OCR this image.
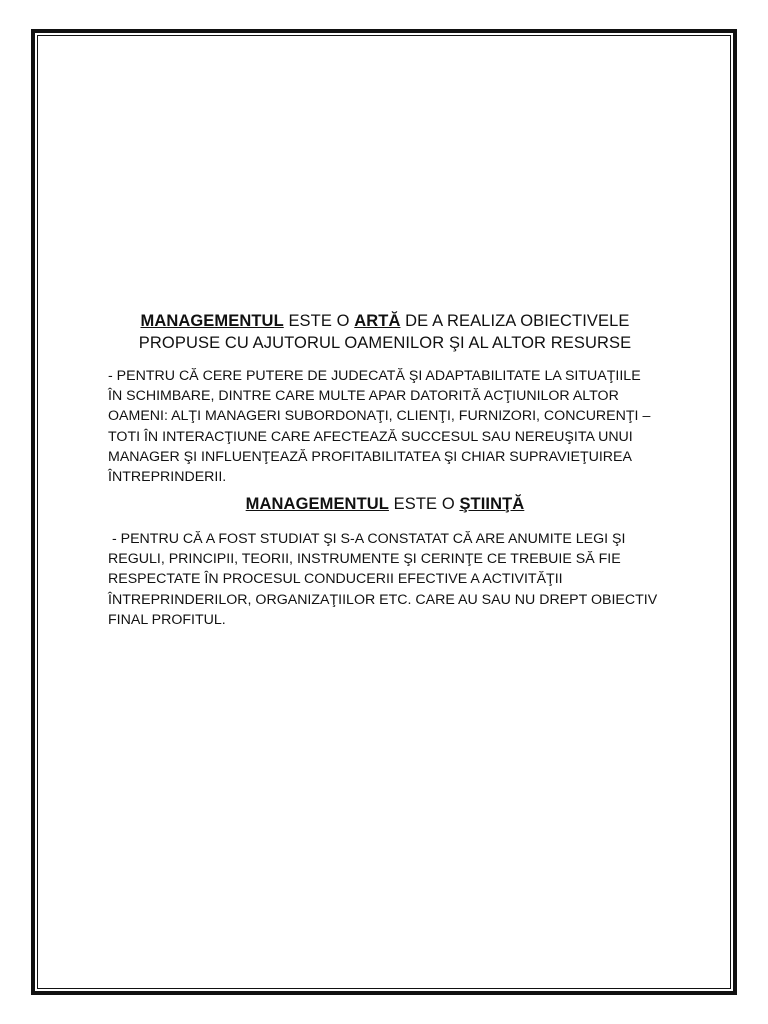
MANAGEMENTUL ESTE O ARTĂ DE A REALIZA OBIECTIVELE
PROPUSE CU AJUTORUL OAMENILOR ŞI AL ALTOR RESURSE

- PENTRU CĂ CERE PUTERE DE JUDECATĂ ŞI ADAPTABILITATE LA SITUAŢIILE
ÎN SCHIMBARE, DINTRE CARE MULTE APAR DATORITĂ ACŢIUNILOR ALTOR
OAMENI: ALŢI MANAGERI SUBORDONAŢI, CLIENŢI, FURNIZORI, CONCURENŢI –
TOTI ÎN INTERACŢIUNE CARE AFECTEAZĂ SUCCESUL SAU NEREUŞITA UNUI
MANAGER ŞI INFLUENŢEAZĂ PROFITABILITATEA ŞI CHIAR SUPRAVIEŢUIREA
ÎNTREPRINDERII.

MANAGEMENTUL ESTE O ŞTIINŢĂ

- PENTRU CĂ A FOST STUDIAT ŞI S-A CONSTATAT CĂ ARE ANUMITE LEGI ŞI
REGULI, PRINCIPII, TEORII, INSTRUMENTE ŞI CERINŢE CE TREBUIE SĂ FIE
RESPECTATE ÎN PROCESUL CONDUCERII EFECTIVE A ACTIVITĂŢII
ÎNTREPRINDERILOR, ORGANIZAŢIILOR ETC. CARE AU SAU NU DREPT OBIECTIV
FINAL PROFITUL.
